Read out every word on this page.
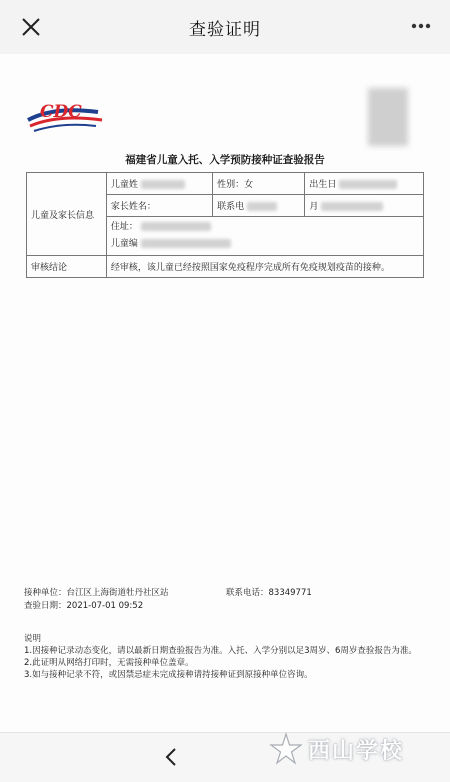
查验证明
CDC
福建省儿童入托、入学预防接种证查验报告
儿童及家长信息	儿童姓	性别：女	出生日
	家长姓名：	联系电	月

	住址：
儿童编		

审核结论	经审核，该儿童已经按照国家免疫程序完成所有免疫规划疫苗的接种。		
接种单位：台江区上海街道牡丹社区站	联系电话：83349771
查验日期：2021-07-01 09:52
说明
1.因接种记录动态变化，请以最新日期查验报告为准。入托、入学分别以足3周岁、6周岁查验报告为准。
2.此证明从网络打印时，无需接种单位盖章。
3.如与接种记录不符，或因禁忌症未完成接种请持接种证到原接种单位咨询。
西山学校
